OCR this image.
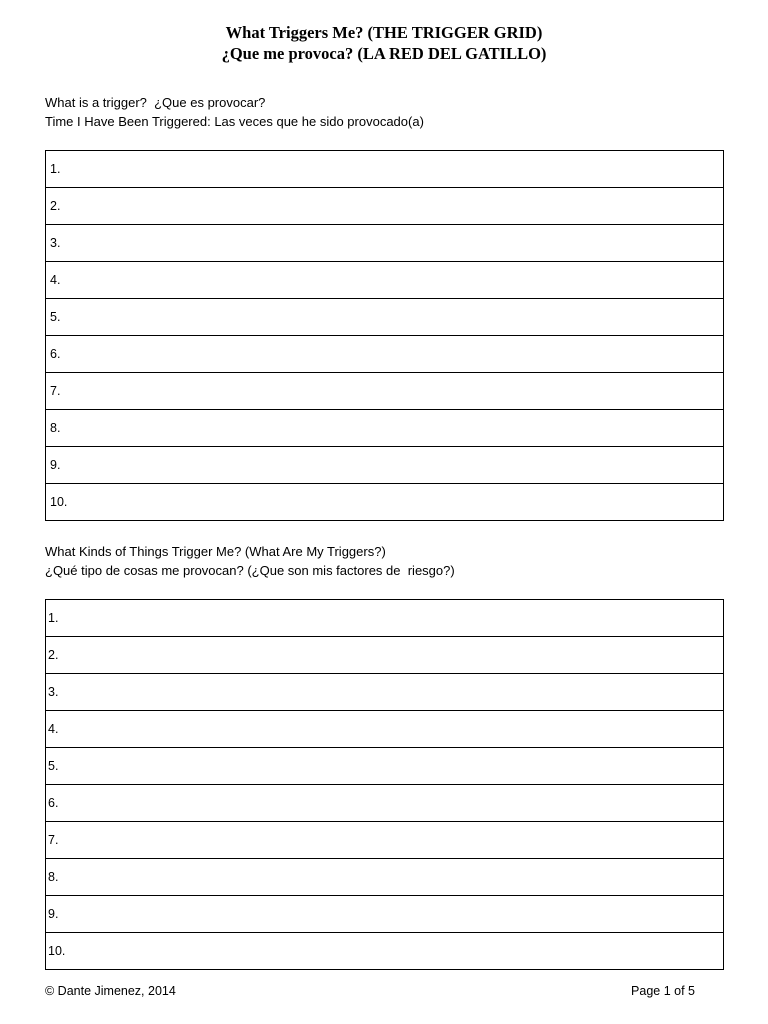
What Triggers Me? (THE TRIGGER GRID)
¿Que me provoca? (LA RED DEL GATILLO)
What is a trigger?  ¿Que es provocar?
Time I Have Been Triggered: Las veces que he sido provocado(a)
1.
2.
3.
4.
5.
6.
7.
8.
9.
10.
What Kinds of Things Trigger Me? (What Are My Triggers?)
¿Qué tipo de cosas me provocan? (¿Que son mis factores de  riesgo?)
1.
2.
3.
4.
5.
6.
7.
8.
9.
10.
© Dante Jimenez, 2014	Page 1 of 5
